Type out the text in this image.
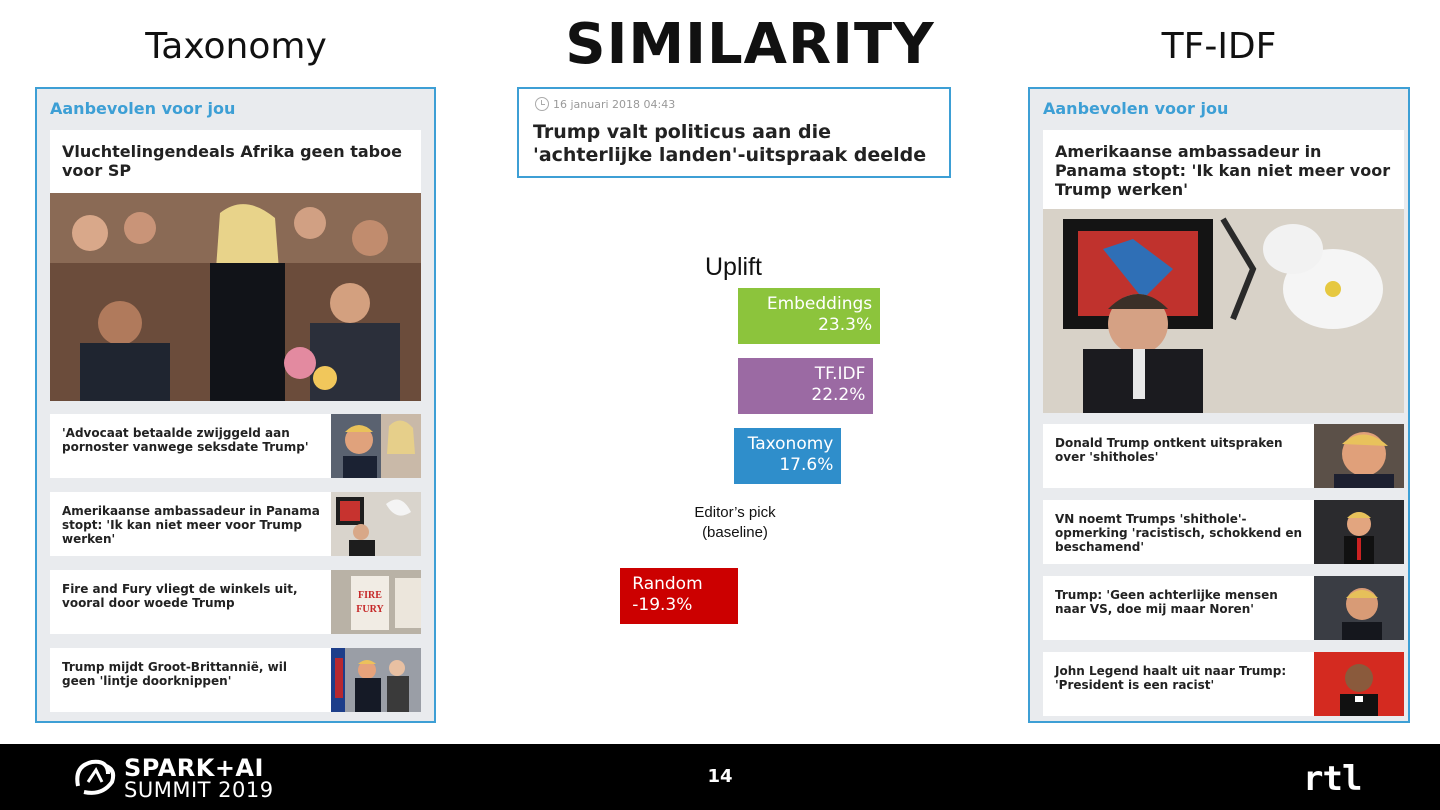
Taxonomy	SIMILARITY	TF-IDF
Aanbevolen voor jou
Vluchtelingendeals Afrika geen taboe voor SP
'Advocaat betaalde zwijggeld aan pornoster vanwege seksdate Trump'
Amerikaanse ambassadeur in Panama stopt: 'Ik kan niet meer voor Trump werken'
Fire and Fury vliegt de winkels uit, vooral door woede Trump
FIRE
FURY
Trump mijdt Groot-Brittannië, wil geen 'lintje doorknippen'
16 januari 2018 04:43
Trump valt politicus aan die 'achterlijke landen'-uitspraak deelde
Uplift
Embeddings
23.3%
TF.IDF
22.2%
Taxonomy
17.6%
Random
-19.3%
Editor’s pick (baseline)
Aanbevolen voor jou
Amerikaanse ambassadeur in Panama stopt: 'Ik kan niet meer voor Trump werken'
Donald Trump ontkent uitspraken over 'shitholes'
VN noemt Trumps 'shithole'-opmerking 'racistisch, schokkend en beschamend'
Trump: 'Geen achterlijke mensen naar VS, doe mij maar Noren'
John Legend haalt uit naar Trump: 'President is een racist'
SPARK+AI
SUMMIT 2019
14	rtl
